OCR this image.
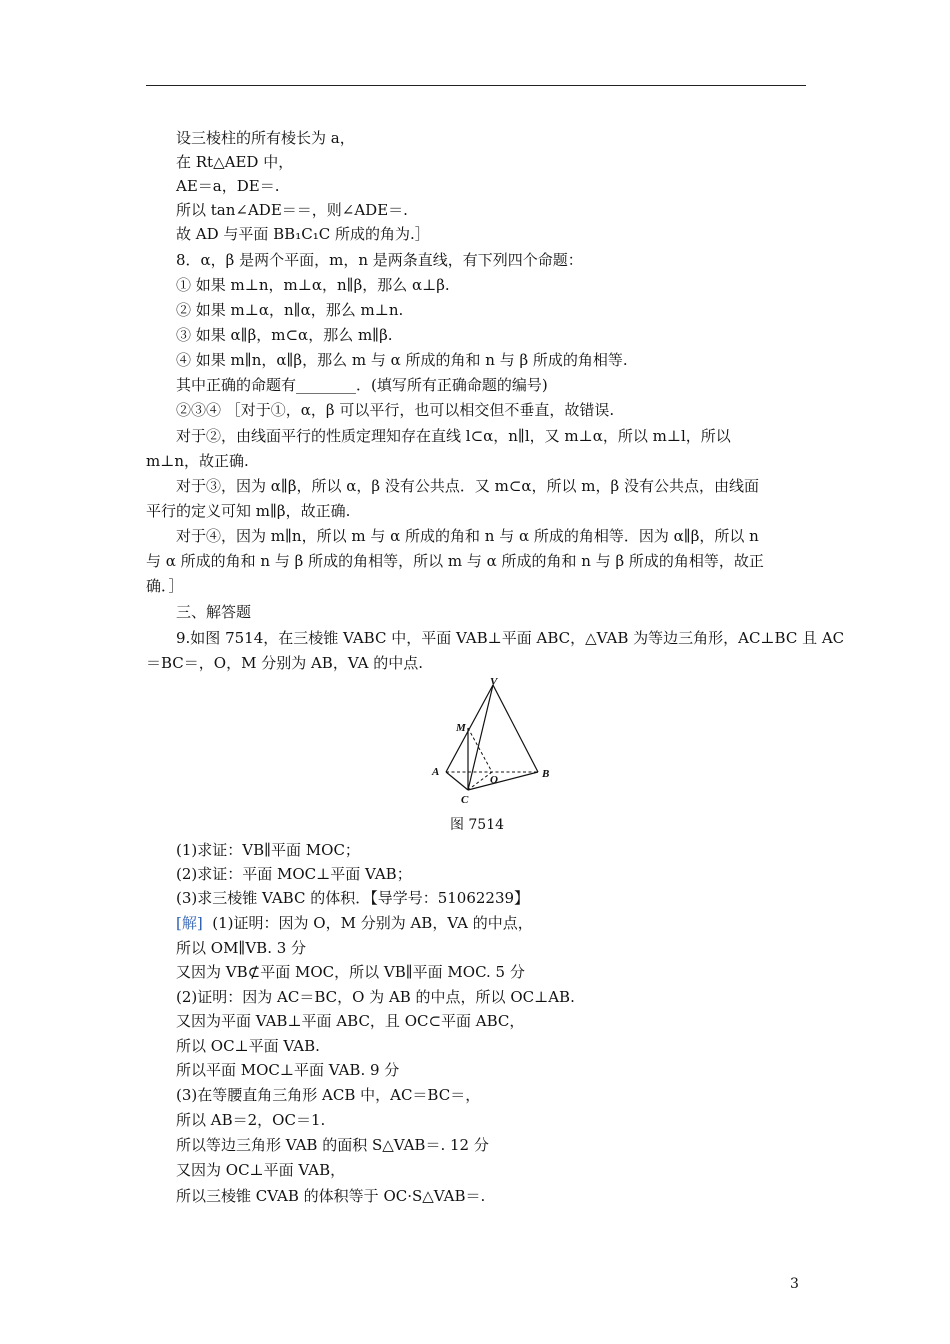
设三棱柱的所有棱长为 a，
在 Rt△AED 中，
AE＝a，DE＝.
所以 tan∠ADE＝＝，则∠ADE＝.
故 AD 与平面 BB₁C₁C 所成的角为.］
8．α，β 是两个平面，m，n 是两条直线，有下列四个命题：
① 如果 m⊥n，m⊥α，n∥β，那么 α⊥β.
② 如果 m⊥α，n∥α，那么 m⊥n.
③ 如果 α∥β，m⊂α，那么 m∥β.
④ 如果 m∥n，α∥β，那么 m 与 α 所成的角和 n 与 β 所成的角相等.
其中正确的命题有________．(填写所有正确命题的编号)
②③④ ［对于①，α，β 可以平行，也可以相交但不垂直，故错误.
对于②，由线面平行的性质定理知存在直线 l⊂α，n∥l，又 m⊥α，所以 m⊥l，所以
m⊥n，故正确.
对于③，因为 α∥β，所以 α，β 没有公共点．又 m⊂α，所以 m，β 没有公共点，由线面
平行的定义可知 m∥β，故正确.
对于④，因为 m∥n，所以 m 与 α 所成的角和 n 与 α 所成的角相等．因为 α∥β，所以 n
与 α 所成的角和 n 与 β 所成的角相等，所以 m 与 α 所成的角和 n 与 β 所成的角相等，故正
确．］
三、解答题
9.如图 7514，在三棱锥 VABC 中，平面 VAB⊥平面 ABC，△VAB 为等边三角形，AC⊥BC 且 AC
＝BC＝，O，M 分别为 AB，VA 的中点.
V
M
A
O	B
C
图 7514
(1)求证：VB∥平面 MOC；
(2)求证：平面 MOC⊥平面 VAB；
(3)求三棱锥 VABC 的体积．【导学号：51062239】
[解] (1)证明：因为 O，M 分别为 AB，VA 的中点，
所以 OM∥VB. 3 分
又因为 VB⊄平面 MOC，所以 VB∥平面 MOC. 5 分
(2)证明：因为 AC＝BC，O 为 AB 的中点，所以 OC⊥AB.
又因为平面 VAB⊥平面 ABC，且 OC⊂平面 ABC，
所以 OC⊥平面 VAB.
所以平面 MOC⊥平面 VAB. 9 分
(3)在等腰直角三角形 ACB 中，AC＝BC＝，
所以 AB＝2，OC＝1.
所以等边三角形 VAB 的面积 S△VAB＝. 12 分
又因为 OC⊥平面 VAB，
所以三棱锥 CVAB 的体积等于 OC·S△VAB＝.
3
